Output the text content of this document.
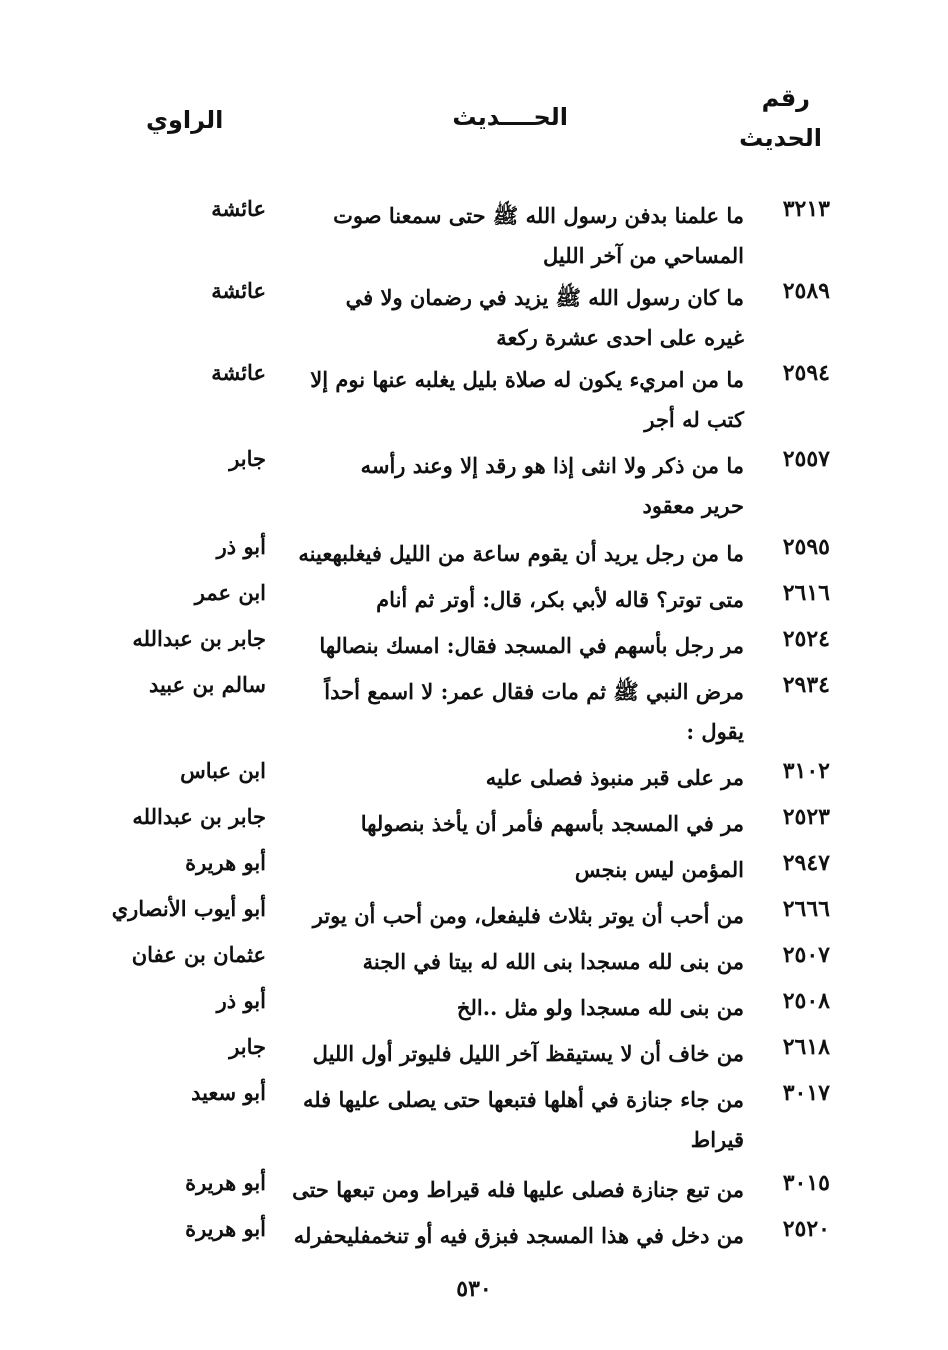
رقم
الحديث
الحــــديث
الراوي
٣٢١٣
ما علمنا بدفن رسول الله ﷺ حتى سمعنا صوت
المساحي من آخر الليل
عائشة
٢٥٨٩
ما كان رسول الله ﷺ يزيد في رضمان ولا في
غيره على احدى عشرة ركعة
عائشة
٢٥٩٤
ما من امريء يكون له صلاة بليل يغلبه عنها نوم إلا
كتب له أجر
عائشة
٢٥٥٧
ما من ذكر ولا انثى إذا هو رقد إلا وعند رأسه
حرير معقود
جابر
٢٥٩٥
ما من رجل يريد أن يقوم ساعة من الليل فيغلبهعينه
أبو ذر
٢٦١٦
متى توتر؟ قاله لأبي بكر، قال: أوتر ثم أنام
ابن عمر
٢٥٢٤
مر رجل بأسهم في المسجد فقال: امسك بنصالها
جابر بن عبدالله
٢٩٣٤
مرض النبي ﷺ ثم مات فقال عمر: لا اسمع أحداً
يقول :
سالم بن عبيد
٣١٠٢
مر على قبر منبوذ فصلى عليه
ابن عباس
٢٥٢٣
مر في المسجد بأسهم فأمر أن يأخذ بنصولها
جابر بن عبدالله
٢٩٤٧
المؤمن ليس بنجس
أبو هريرة
٢٦٦٦
من أحب أن يوتر بثلاث فليفعل، ومن أحب أن يوتر
أبو أيوب الأنصاري
٢٥٠٧
من بنى لله مسجدا بنى الله له بيتا في الجنة
عثمان بن عفان
٢٥٠٨
من بنى لله مسجدا ولو مثل ..الخ
أبو ذر
٢٦١٨
من خاف أن لا يستيقظ آخر الليل فليوتر أول الليل
جابر
٣٠١٧
من جاء جنازة في أهلها فتبعها حتى يصلى عليها فله
قيراط
أبو سعيد
٣٠١٥
من تبع جنازة فصلى عليها فله قيراط ومن تبعها حتى
أبو هريرة
٢٥٢٠
من دخل في هذا المسجد فبزق فيه أو تنخمفليحفرله
أبو هريرة
٥٣٠
